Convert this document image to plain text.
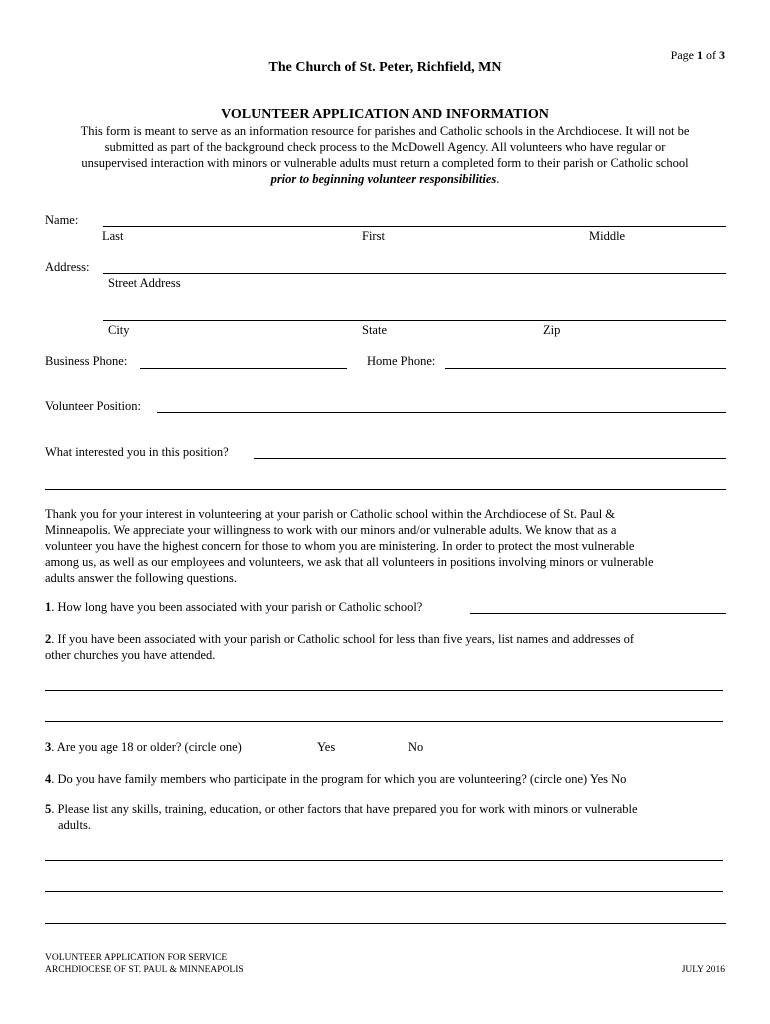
Page 1 of 3
The Church of St. Peter, Richfield, MN
VOLUNTEER APPLICATION AND INFORMATION
This form is meant to serve as an information resource for parishes and Catholic schools in the Archdiocese. It will not be
submitted as part of the background check process to the McDowell Agency. All volunteers who have regular or
unsupervised interaction with minors or vulnerable adults must return a completed form to their parish or Catholic school
prior to beginning volunteer responsibilities.
Name:
Last	First	Middle
Address:
Street Address
City	State	Zip
Business Phone:	Home Phone:
Volunteer Position:
What interested you in this position?
Thank you for your interest in volunteering at your parish or Catholic school within the Archdiocese of St. Paul &
Minneapolis. We appreciate your willingness to work with our minors and/or vulnerable adults. We know that as a
volunteer you have the highest concern for those to whom you are ministering. In order to protect the most vulnerable
among us, as well as our employees and volunteers, we ask that all volunteers in positions involving minors or vulnerable
adults answer the following questions.
1. How long have you been associated with your parish or Catholic school?
2. If you have been associated with your parish or Catholic school for less than five years, list names and addresses of
other churches you have attended.
3. Are you age 18 or older? (circle one)	Yes	No
4. Do you have family members who participate in the program for which you are volunteering? (circle one) Yes No
5. Please list any skills, training, education, or other factors that have prepared you for work with minors or vulnerable
adults.
VOLUNTEER APPLICATION FOR SERVICE
ARCHDIOCESE OF ST. PAUL & MINNEAPOLIS	JULY 2016
